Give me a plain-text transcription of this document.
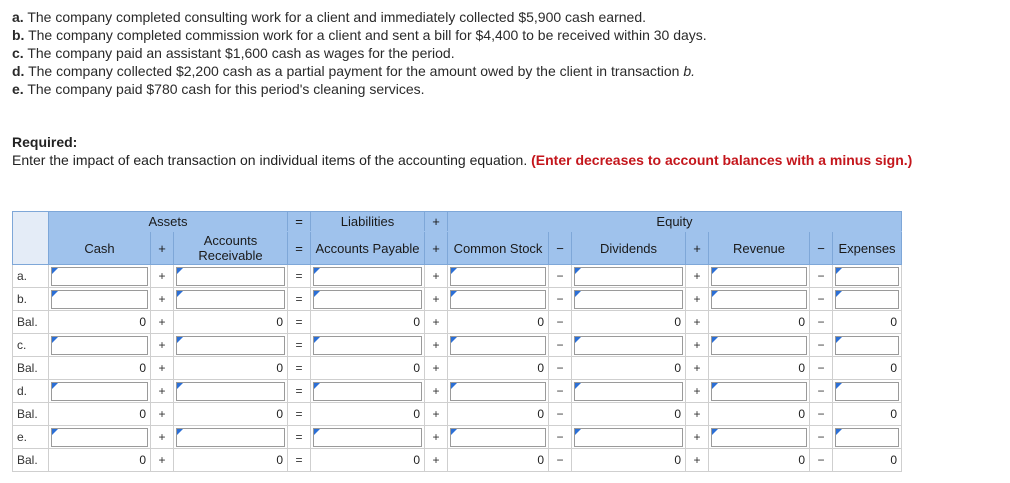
a. The company completed consulting work for a client and immediately collected $5,900 cash earned.
b. The company completed commission work for a client and sent a bill for $4,400 to be received within 30 days.
c. The company paid an assistant $1,600 cash as wages for the period.
d. The company collected $2,200 cash as a partial payment for the amount owed by the client in transaction b.
e. The company paid $780 cash for this period's cleaning services.
Required:
Enter the impact of each transaction on individual items of the accounting equation. (Enter decreases to account balances with a minus sign.)
	Assets			=	Liabilities	+	Equity						
	Cash	+	Accounts Receivable	=	Accounts Payable	+	Common Stock	−	Dividends	+	Revenue	−	Expenses
a.		+		=		+		−		+		−	

b.		+		=		+		−		+		−	

Bal.	0	+	0	=	0	+	0	−	0	+	0	−	0
c.		+		=		+		−		+		−	

Bal.	0	+	0	=	0	+	0	−	0	+	0	−	0
d.		+		=		+		−		+		−	

Bal.	0	+	0	=	0	+	0	−	0	+	0	−	0
e.		+		=		+		−		+		−	

Bal.	0	+	0	=	0	+	0	−	0	+	0	−	0
